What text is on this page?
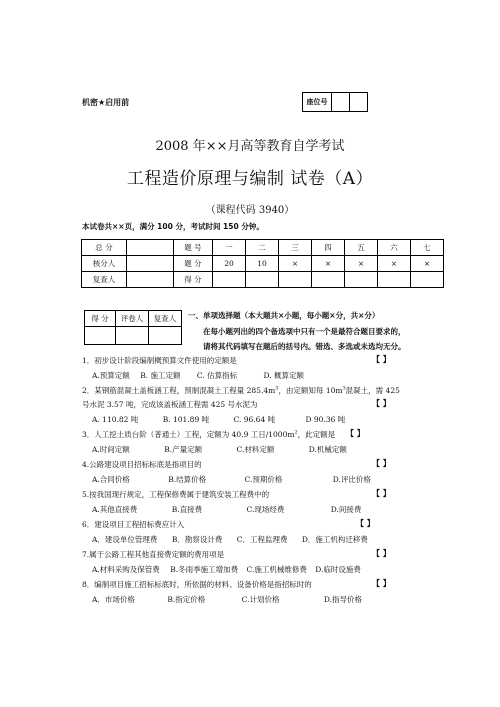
机密★启用前	座位号
2008 年××月高等教育自学考试
工程造价原理与编制 试卷（A）
（课程代码 3940）
本试卷共××页，满分 100 分，考试时间 150 分钟。
总 分		题 号	一	二	三	四	五	六	七
核分人		题 分	20	10	×	×	×	×	×
复查人		得 分							
得 分	评卷人	复查人
		一、单项选择题（本大题共×小题，每小题×分，共×分）
在每小题列出的四个备选项中只有一个是最符合题目要求的，
请将其代码填写在题后的括号内。错选、多选或未选均无分。
1．初步设计阶段编制概预算文件使用的定额是	【 】
A.预算定额 B. 施工定额 C. 估算指标	D. 概算定额
2．某钢筋混凝土盖板涵工程，预制混凝土工程量 $285.4m^3$，由定额知每 $10m^3$混凝土，需 425
号水泥 3.57 吨，完成该盖板涵工程需 425 号水泥为	【 】
A. 110.82 吨	B. 101.89 吨	C. 96.64 吨	D 90.36 吨
3．人工挖土质台阶（普通土）工程，定额为 40.9 工日$/1000m^2$，此定额是 【 】
A.时间定额	B.产量定额	C.材料定额	D.机械定额
4.公路建设项目招标标底是指项目的	【 】
A.合同价格	B.结算价格	C.预期价格	D.评比价格
5.按我国现行规定，工程保修费属于建筑安装工程费中的	【 】
A.其他直接费	B.直接费	C.现场经费	D.间接费
6．建设项目工程招标费应计入	【 】
A．建设单位管理费 B．勘察设计费 C．工程监理费 D．施工机构迁移费
7.属于公路工程其他直接费定额的费用项是	【 】
A.材料采购及保管费 B.冬雨季施工增加费 C.施工机械维修费 D.临时设施费
8．编制项目施工招标标底时，所依据的材料、设备价格是指招标时的	【 】
A．市场价格	B.指定价格	C.计划价格	D.指导价格
